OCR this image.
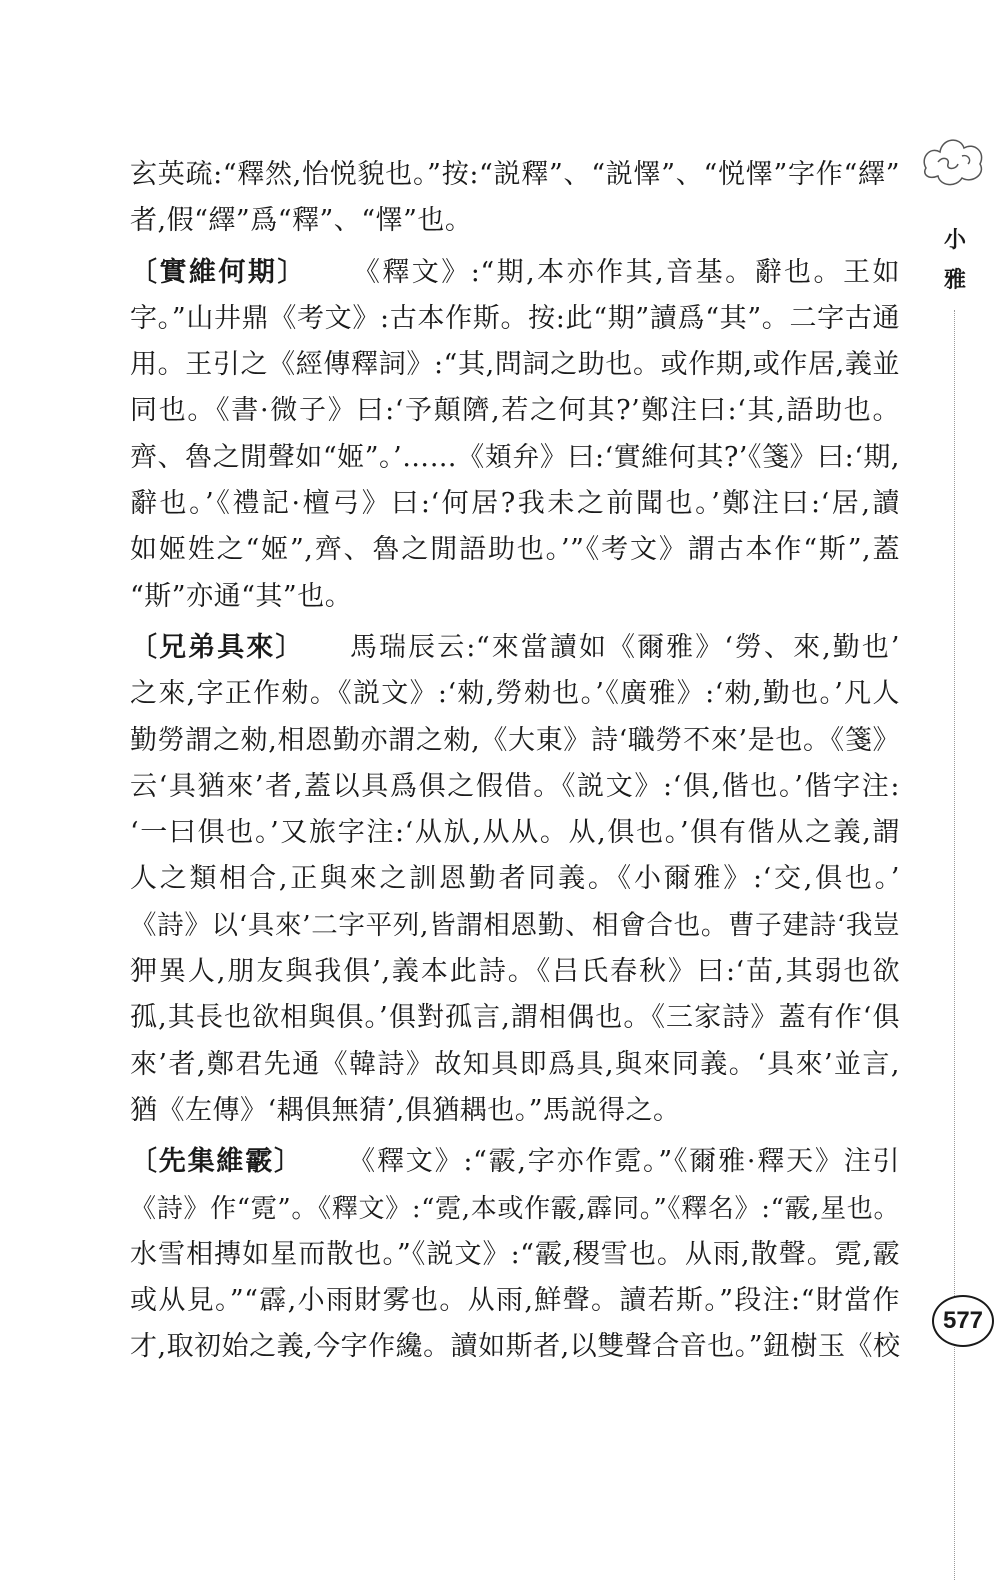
小
雅
玄英疏:“釋然,怡悦貌也。”按:“説釋”、“説懌”、“悦懌”字作“繹”
者,假“繹”爲“釋”、“懌”也。
〔實維何期〕 《釋文》:“期,本亦作其,音基。辭也。王如
字。”山井鼎《考文》:古本作斯。按:此“期”讀爲“其”。二字古通
用。王引之《經傳釋詞》:“其,問詞之助也。或作期,或作居,義並
同也。《書·微子》曰:‘予顛隮,若之何其?’鄭注曰:‘其,語助也。
齊、魯之閒聲如“姬”。’……《頍弁》曰:‘實維何其?’《箋》曰:‘期,
辭也。’《禮記·檀弓》曰:‘何居?我未之前聞也。’鄭注曰:‘居,讀
如姬姓之“姬”,齊、魯之閒語助也。’”《考文》謂古本作“斯”,蓋
“斯”亦通“其”也。
〔兄弟具來〕 馬瑞辰云:“來當讀如《爾雅》‘勞、來,勤也’
之來,字正作勑。《説文》:‘勑,勞勑也。’《廣雅》:‘勑,勤也。’凡人
勤勞謂之勑,相恩勤亦謂之勑,《大東》詩‘職勞不來’是也。《箋》
云‘具猶來’者,蓋以具爲俱之假借。《説文》:‘俱,偕也。’偕字注:
‘一曰俱也。’又旅字注:‘从㫃,从从。从,俱也。’俱有偕从之義,謂
人之類相合,正與來之訓恩勤者同義。《小爾雅》:‘交,俱也。’
《詩》以‘具來’二字平列,皆謂相恩勤、相會合也。曹子建詩‘我豈
狎異人,朋友與我俱’,義本此詩。《吕氏春秋》曰:‘苗,其弱也欲
孤,其長也欲相與俱。’俱對孤言,謂相偶也。《三家詩》蓋有作‘俱
來’者,鄭君先通《韓詩》故知具即爲具,與來同義。‘具來’並言,
猶《左傳》‘耦俱無猜’,俱猶耦也。”馬説得之。
〔先集維霰〕 《釋文》:“霰,字亦作霓。”《爾雅·釋天》注引
《詩》作“霓”。《釋文》:“霓,本或作霰,霹同。”《釋名》:“霰,星也。
水雪相摶如星而散也。”《説文》:“霰,稷雪也。从雨,散聲。霓,霰
或从見。”“霹,小雨財雾也。从雨,鮮聲。讀若斯。”段注:“財當作
才,取初始之義,今字作纔。讀如斯者,以雙聲合音也。”鈕樹玉《校
577
